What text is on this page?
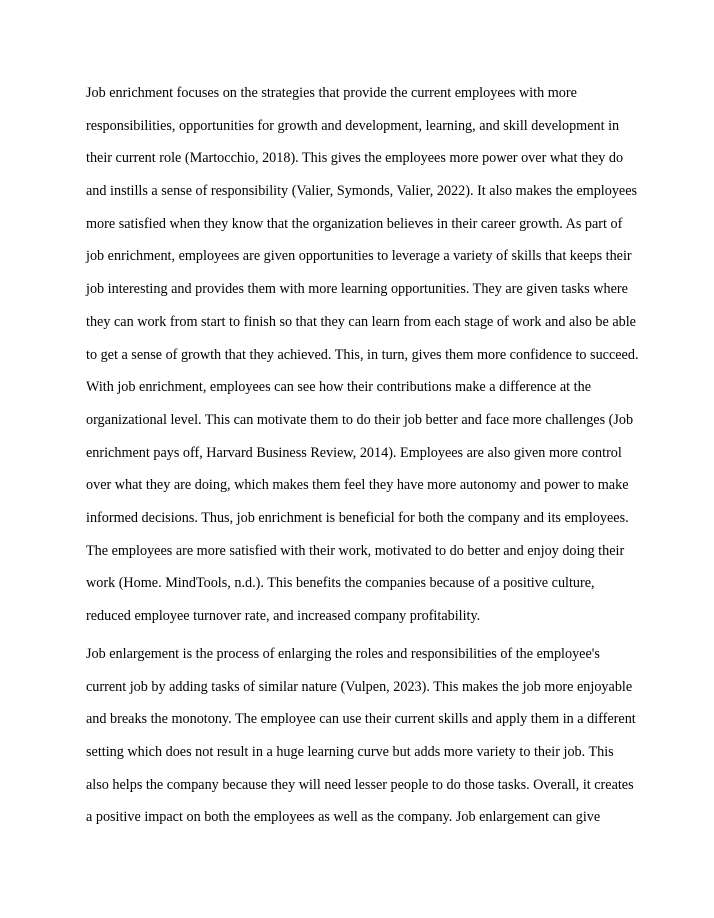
Job enrichment focuses on the strategies that provide the current employees with more
responsibilities, opportunities for growth and development, learning, and skill development in
their current role (Martocchio, 2018). This gives the employees more power over what they do
and instills a sense of responsibility (Valier, Symonds, Valier, 2022). It also makes the employees
more satisfied when they know that the organization believes in their career growth. As part of
job enrichment, employees are given opportunities to leverage a variety of skills that keeps their
job interesting and provides them with more learning opportunities. They are given tasks where
they can work from start to finish so that they can learn from each stage of work and also be able
to get a sense of growth that they achieved. This, in turn, gives them more confidence to succeed.
With job enrichment, employees can see how their contributions make a difference at the
organizational level. This can motivate them to do their job better and face more challenges (Job
enrichment pays off, Harvard Business Review, 2014). Employees are also given more control
over what they are doing, which makes them feel they have more autonomy and power to make
informed decisions. Thus, job enrichment is beneficial for both the company and its employees.
The employees are more satisfied with their work, motivated to do better and enjoy doing their
work (Home. MindTools, n.d.). This benefits the companies because of a positive culture,
reduced employee turnover rate, and increased company profitability.
Job enlargement is the process of enlarging the roles and responsibilities of the employee's
current job by adding tasks of similar nature (Vulpen, 2023). This makes the job more enjoyable
and breaks the monotony. The employee can use their current skills and apply them in a different
setting which does not result in a huge learning curve but adds more variety to their job. This
also helps the company because they will need lesser people to do those tasks. Overall, it creates
a positive impact on both the employees as well as the company. Job enlargement can give
